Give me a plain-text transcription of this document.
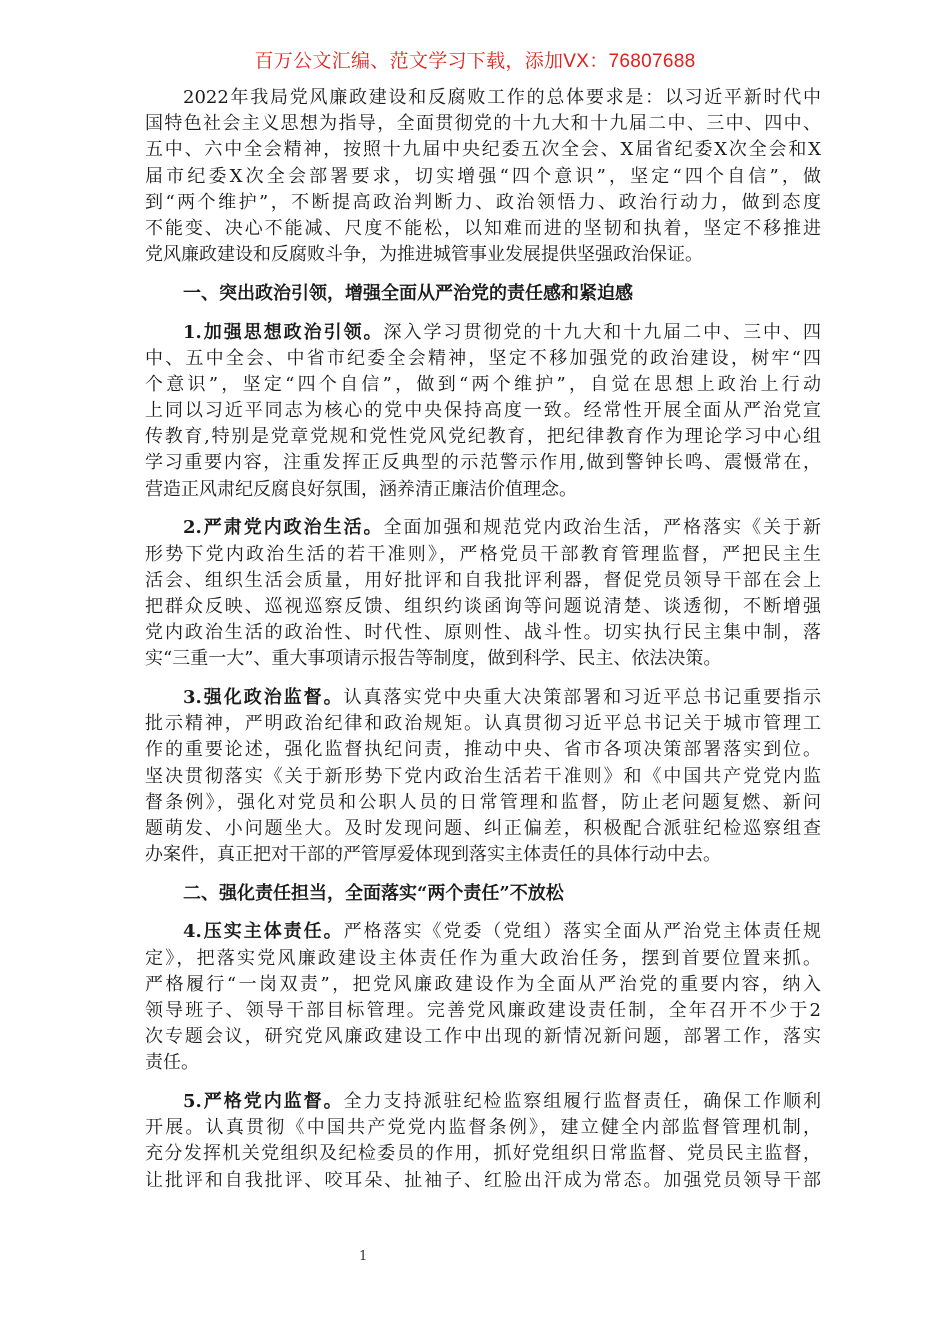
百万公文汇编、范文学习下载，添加VX：76807688
2022年我局党风廉政建设和反腐败工作的总体要求是：以习近平新时代中
国特色社会主义思想为指导，全面贯彻党的十九大和十九届二中、三中、四中、
五中、六中全会精神，按照十九届中央纪委五次全会、X届省纪委X次全会和X
届市纪委X次全会部署要求，切实增强“四个意识”，坚定“四个自信”，做
到“两个维护”，不断提高政治判断力、政治领悟力、政治行动力，做到态度
不能变、决心不能减、尺度不能松，以知难而进的坚韧和执着，坚定不移推进
党风廉政建设和反腐败斗争，为推进城管事业发展提供坚强政治保证。
一、突出政治引领，增强全面从严治党的责任感和紧迫感
1.加强思想政治引领。深入学习贯彻党的十九大和十九届二中、三中、四
中、五中全会、中省市纪委全会精神，坚定不移加强党的政治建设，树牢“四
个意识”，坚定“四个自信”，做到“两个维护”，自觉在思想上政治上行动
上同以习近平同志为核心的党中央保持高度一致。经常性开展全面从严治党宣
传教育,特别是党章党规和党性党风党纪教育，把纪律教育作为理论学习中心组
学习重要内容，注重发挥正反典型的示范警示作用,做到警钟长鸣、震慑常在，
营造正风肃纪反腐良好氛围，涵养清正廉洁价值理念。
2.严肃党内政治生活。全面加强和规范党内政治生活，严格落实《关于新
形势下党内政治生活的若干准则》，严格党员干部教育管理监督，严把民主生
活会、组织生活会质量，用好批评和自我批评利器，督促党员领导干部在会上
把群众反映、巡视巡察反馈、组织约谈函询等问题说清楚、谈透彻，不断增强
党内政治生活的政治性、时代性、原则性、战斗性。切实执行民主集中制，落
实“三重一大”、重大事项请示报告等制度，做到科学、民主、依法决策。
3.强化政治监督。认真落实党中央重大决策部署和习近平总书记重要指示
批示精神，严明政治纪律和政治规矩。认真贯彻习近平总书记关于城市管理工
作的重要论述，强化监督执纪问责，推动中央、省市各项决策部署落实到位。
坚决贯彻落实《关于新形势下党内政治生活若干准则》和《中国共产党党内监
督条例》，强化对党员和公职人员的日常管理和监督，防止老问题复燃、新问
题萌发、小问题坐大。及时发现问题、纠正偏差，积极配合派驻纪检巡察组查
办案件，真正把对干部的严管厚爱体现到落实主体责任的具体行动中去。
二、强化责任担当，全面落实“两个责任”不放松
4.压实主体责任。严格落实《党委（党组）落实全面从严治党主体责任规
定》，把落实党风廉政建设主体责任作为重大政治任务，摆到首要位置来抓。
严格履行“一岗双责”，把党风廉政建设作为全面从严治党的重要内容，纳入
领导班子、领导干部目标管理。完善党风廉政建设责任制，全年召开不少于2
次专题会议，研究党风廉政建设工作中出现的新情况新问题，部署工作，落实
责任。
5.严格党内监督。全力支持派驻纪检监察组履行监督责任，确保工作顺利
开展。认真贯彻《中国共产党党内监督条例》，建立健全内部监督管理机制，
充分发挥机关党组织及纪检委员的作用，抓好党组织日常监督、党员民主监督，
让批评和自我批评、咬耳朵、扯袖子、红脸出汗成为常态。加强党员领导干部
1
